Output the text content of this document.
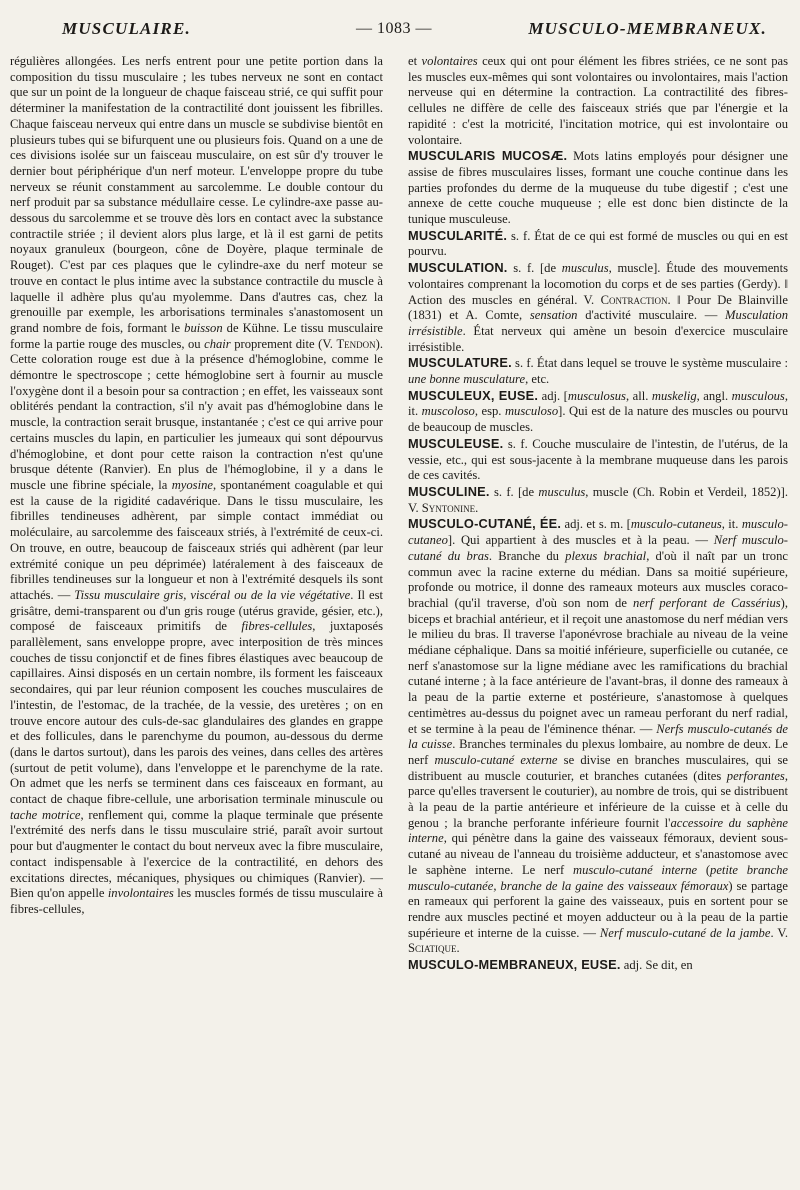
MUSCULAIRE.	— 1083 —	MUSCULO-MEMBRANEUX.

régulières allongées. Les nerfs entrent pour une petite portion dans la composition du tissu musculaire ; les tubes nerveux ne sont en contact que sur un point de la longueur de chaque faisceau strié, ce qui suffit pour déterminer la manifestation de la contractilité dont jouissent les fibrilles. Chaque faisceau nerveux qui entre dans un muscle se subdivise bientôt en plusieurs tubes qui se bifurquent une ou plusieurs fois. Quand on a une de ces divisions isolée sur un faisceau musculaire, on est sûr d'y trouver le dernier bout périphérique d'un nerf moteur. L'enveloppe propre du tube nerveux se réunit constamment au sarcolemme. Le double contour du nerf produit par sa substance médullaire cesse. Le cylindre-axe passe au-dessous du sarcolemme et se trouve dès lors en contact avec la substance contractile striée ; il devient alors plus large, et là il est garni de petits noyaux granuleux (bourgeon, cône de Doyère, plaque terminale de Rouget). C'est par ces plaques que le cylindre-axe du nerf moteur se trouve en contact le plus intime avec la substance contractile du muscle à laquelle il adhère plus qu'au myolemme. Dans d'autres cas, chez la grenouille par exemple, les arborisations terminales s'anastomosent un grand nombre de fois, formant le buisson de Kühne. Le tissu musculaire forme la partie rouge des muscles, ou chair proprement dite (V. Tendon). Cette coloration rouge est due à la présence d'hémoglobine, comme le démontre le spectroscope ; cette hémoglobine sert à fournir au muscle l'oxygène dont il a besoin pour sa contraction ; en effet, les vaisseaux sont oblitérés pendant la contraction, s'il n'y avait pas d'hémoglobine dans le muscle, la contraction serait brusque, instantanée ; c'est ce qui arrive pour certains muscles du lapin, en particulier les jumeaux qui sont dépourvus d'hémoglobine, et dont pour cette raison la contraction n'est qu'une brusque détente (Ranvier). En plus de l'hémoglobine, il y a dans le muscle une fibrine spéciale, la myosine, spontanément coagulable et qui est la cause de la rigidité cadavérique. Dans le tissu musculaire, les fibrilles tendineuses adhèrent, par simple contact immédiat ou moléculaire, au sarcolemme des faisceaux striés, à l'extrémité de ceux-ci. On trouve, en outre, beaucoup de faisceaux striés qui adhèrent (par leur extrémité conique un peu déprimée) latéralement à des faisceaux de fibrilles tendineuses sur la longueur et non à l'extrémité desquels ils sont attachés. — Tissu musculaire gris, viscéral ou de la vie végétative. Il est grisâtre, demi-transparent ou d'un gris rouge (utérus gravide, gésier, etc.), composé de faisceaux primitifs de fibres-cellules, juxtaposés parallèlement, sans enveloppe propre, avec interposition de très minces couches de tissu conjonctif et de fines fibres élastiques avec beaucoup de capillaires. Ainsi disposés en un certain nombre, ils forment les faisceaux secondaires, qui par leur réunion composent les couches musculaires de l'intestin, de l'estomac, de la trachée, de la vessie, des uretères ; on en trouve encore autour des culs-de-sac glandulaires des glandes en grappe et des follicules, dans le parenchyme du poumon, au-dessous du derme (dans le dartos surtout), dans les parois des veines, dans celles des artères (surtout de petit volume), dans l'enveloppe et le parenchyme de la rate. On admet que les nerfs se terminent dans ces faisceaux en formant, au contact de chaque fibre-cellule, une arborisation terminale minuscule ou tache motrice, renflement qui, comme la plaque terminale que présente l'extrémité des nerfs dans le tissu musculaire strié, paraît avoir surtout pour but d'augmenter le contact du bout nerveux avec la fibre musculaire, contact indispensable à l'exercice de la contractilité, en dehors des excitations directes, mécaniques, physiques ou chimiques (Ranvier). — Bien qu'on appelle involontaires les muscles formés de tissu musculaire à fibres-cellules,

et volontaires ceux qui ont pour élément les fibres striées, ce ne sont pas les muscles eux-mêmes qui sont volontaires ou involontaires, mais l'action nerveuse qui en détermine la contraction. La contractilité des fibres-cellules ne diffère de celle des faisceaux striés que par l'énergie et la rapidité : c'est la motricité, l'incitation motrice, qui est involontaire ou volontaire.

MUSCULARIS MUCOSÆ. Mots latins employés pour désigner une assise de fibres musculaires lisses, formant une couche continue dans les parties profondes du derme de la muqueuse du tube digestif ; c'est une annexe de cette couche muqueuse ; elle est donc bien distincte de la tunique musculeuse.

MUSCULARITÉ. s. f. État de ce qui est formé de muscles ou qui en est pourvu.

MUSCULATION. s. f. [de musculus, muscle]. Étude des mouvements volontaires comprenant la locomotion du corps et de ses parties (Gerdy). ‖ Action des muscles en général. V. Contraction. ‖ Pour De Blainville (1831) et A. Comte, sensation d'activité musculaire. — Musculation irrésistible. État nerveux qui amène un besoin d'exercice musculaire irrésistible.

MUSCULATURE. s. f. État dans lequel se trouve le système musculaire : une bonne musculature, etc.

MUSCULEUX, EUSE. adj. [musculosus, all. muskelig, angl. musculous, it. muscoloso, esp. musculoso]. Qui est de la nature des muscles ou pourvu de beaucoup de muscles.

MUSCULEUSE. s. f. Couche musculaire de l'intestin, de l'utérus, de la vessie, etc., qui est sous-jacente à la membrane muqueuse dans les parois de ces cavités.

MUSCULINE. s. f. [de musculus, muscle (Ch. Robin et Verdeil, 1852)]. V. Syntonine.

MUSCULO-CUTANÉ, ÉE. adj. et s. m. [musculo-cutaneus, it. musculo-cutaneo]. Qui appartient à des muscles et à la peau. — Nerf musculo-cutané du bras. Branche du plexus brachial, d'où il naît par un tronc commun avec la racine externe du médian. Dans sa moitié supérieure, profonde ou motrice, il donne des rameaux moteurs aux muscles coraco-brachial (qu'il traverse, d'où son nom de nerf perforant de Cassérius), biceps et brachial antérieur, et il reçoit une anastomose du nerf médian vers le milieu du bras. Il traverse l'aponévrose brachiale au niveau de la veine médiane céphalique. Dans sa moitié inférieure, superficielle ou cutanée, ce nerf s'anastomose sur la ligne médiane avec les ramifications du brachial cutané interne ; à la face antérieure de l'avant-bras, il donne des rameaux à la peau de la partie externe et postérieure, s'anastomose à quelques centimètres au-dessus du poignet avec un rameau perforant du nerf radial, et se termine à la peau de l'éminence thénar. — Nerfs musculo-cutanés de la cuisse. Branches terminales du plexus lombaire, au nombre de deux. Le nerf musculo-cutané externe se divise en branches musculaires, qui se distribuent au muscle couturier, et branches cutanées (dites perforantes, parce qu'elles traversent le couturier), au nombre de trois, qui se distribuent à la peau de la partie antérieure et inférieure de la cuisse et à celle du genou ; la branche perforante inférieure fournit l'accessoire du saphène interne, qui pénètre dans la gaine des vaisseaux fémoraux, devient sous-cutané au niveau de l'anneau du troisième adducteur, et s'anastomose avec le saphène interne. Le nerf musculo-cutané interne (petite branche musculo-cutanée, branche de la gaine des vaisseaux fémoraux) se partage en rameaux qui perforent la gaine des vaisseaux, puis en sortent pour se rendre aux muscles pectiné et moyen adducteur ou à la peau de la partie supérieure et interne de la cuisse. — Nerf musculo-cutané de la jambe. V. Sciatique.

MUSCULO-MEMBRANEUX, EUSE. adj. Se dit, en
